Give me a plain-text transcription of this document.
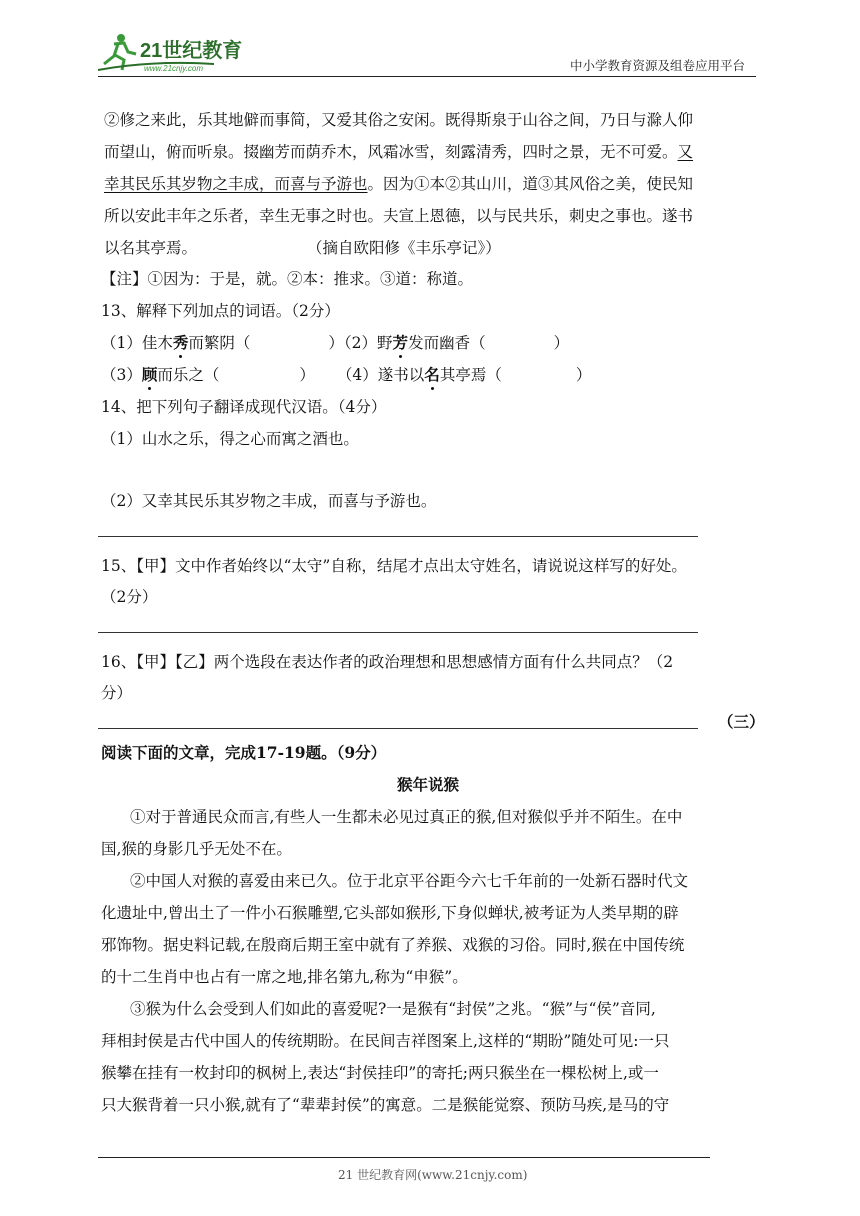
21世纪教育
www.21cnjy.com	中小学教育资源及组卷应用平台
②修之来此，乐其地僻而事简，又爱其俗之安闲。既得斯泉于山谷之间，乃日与滁人仰
而望山，俯而听泉。掇幽芳而荫乔木，风霜冰雪，刻露清秀，四时之景，无不可爱。又
幸其民乐其岁物之丰成，而喜与予游也。因为①本②其山川，道③其风俗之美，使民知
所以安此丰年之乐者，幸生无事之时也。夫宣上恩德，以与民共乐，刺史之事也。遂书
以名其亭焉。	（摘自欧阳修《丰乐亭记》）
【注】①因为：于是，就。②本：推求。③道：称道。
13、解释下列加点的词语。（2分）
（1）佳木秀而繁阴（	）（2）野芳发而幽香（	）
（3）顾而乐之（	） （4）遂书以名其亭焉（	）
14、把下列句子翻译成现代汉语。（4分）
（1）山水之乐，得之心而寓之酒也。
（2）又幸其民乐其岁物之丰成，而喜与予游也。
15、【甲】文中作者始终以“太守”自称，结尾才点出太守姓名，请说说这样写的好处。
（2分）
16、【甲】【乙】两个选段在表达作者的政治理想和思想感情方面有什么共同点？（2
分）
（三）
阅读下面的文章，完成17-19题。（9分）
猴年说猴
①对于普通民众而言,有些人一生都未必见过真正的猴,但对猴似乎并不陌生。在中
国,猴的身影几乎无处不在。
②中国人对猴的喜爱由来已久。位于北京平谷距今六七千年前的一处新石器时代文
化遗址中,曾出土了一件小石猴雕塑,它头部如猴形,下身似蝉状,被考证为人类早期的辟
邪饰物。据史料记载,在殷商后期王室中就有了养猴、戏猴的习俗。同时,猴在中国传统
的十二生肖中也占有一席之地,排名第九,称为“申猴”。
③猴为什么会受到人们如此的喜爱呢?一是猴有“封侯”之兆。“猴”与“侯”音同,
拜相封侯是古代中国人的传统期盼。在民间吉祥图案上,这样的“期盼”随处可见:一只
猴攀在挂有一枚封印的枫树上,表达“封侯挂印”的寄托;两只猴坐在一棵松树上,或一
只大猴背着一只小猴,就有了“辈辈封侯”的寓意。二是猴能觉察、预防马疾,是马的守
21 世纪教育网(www.21cnjy.com)
